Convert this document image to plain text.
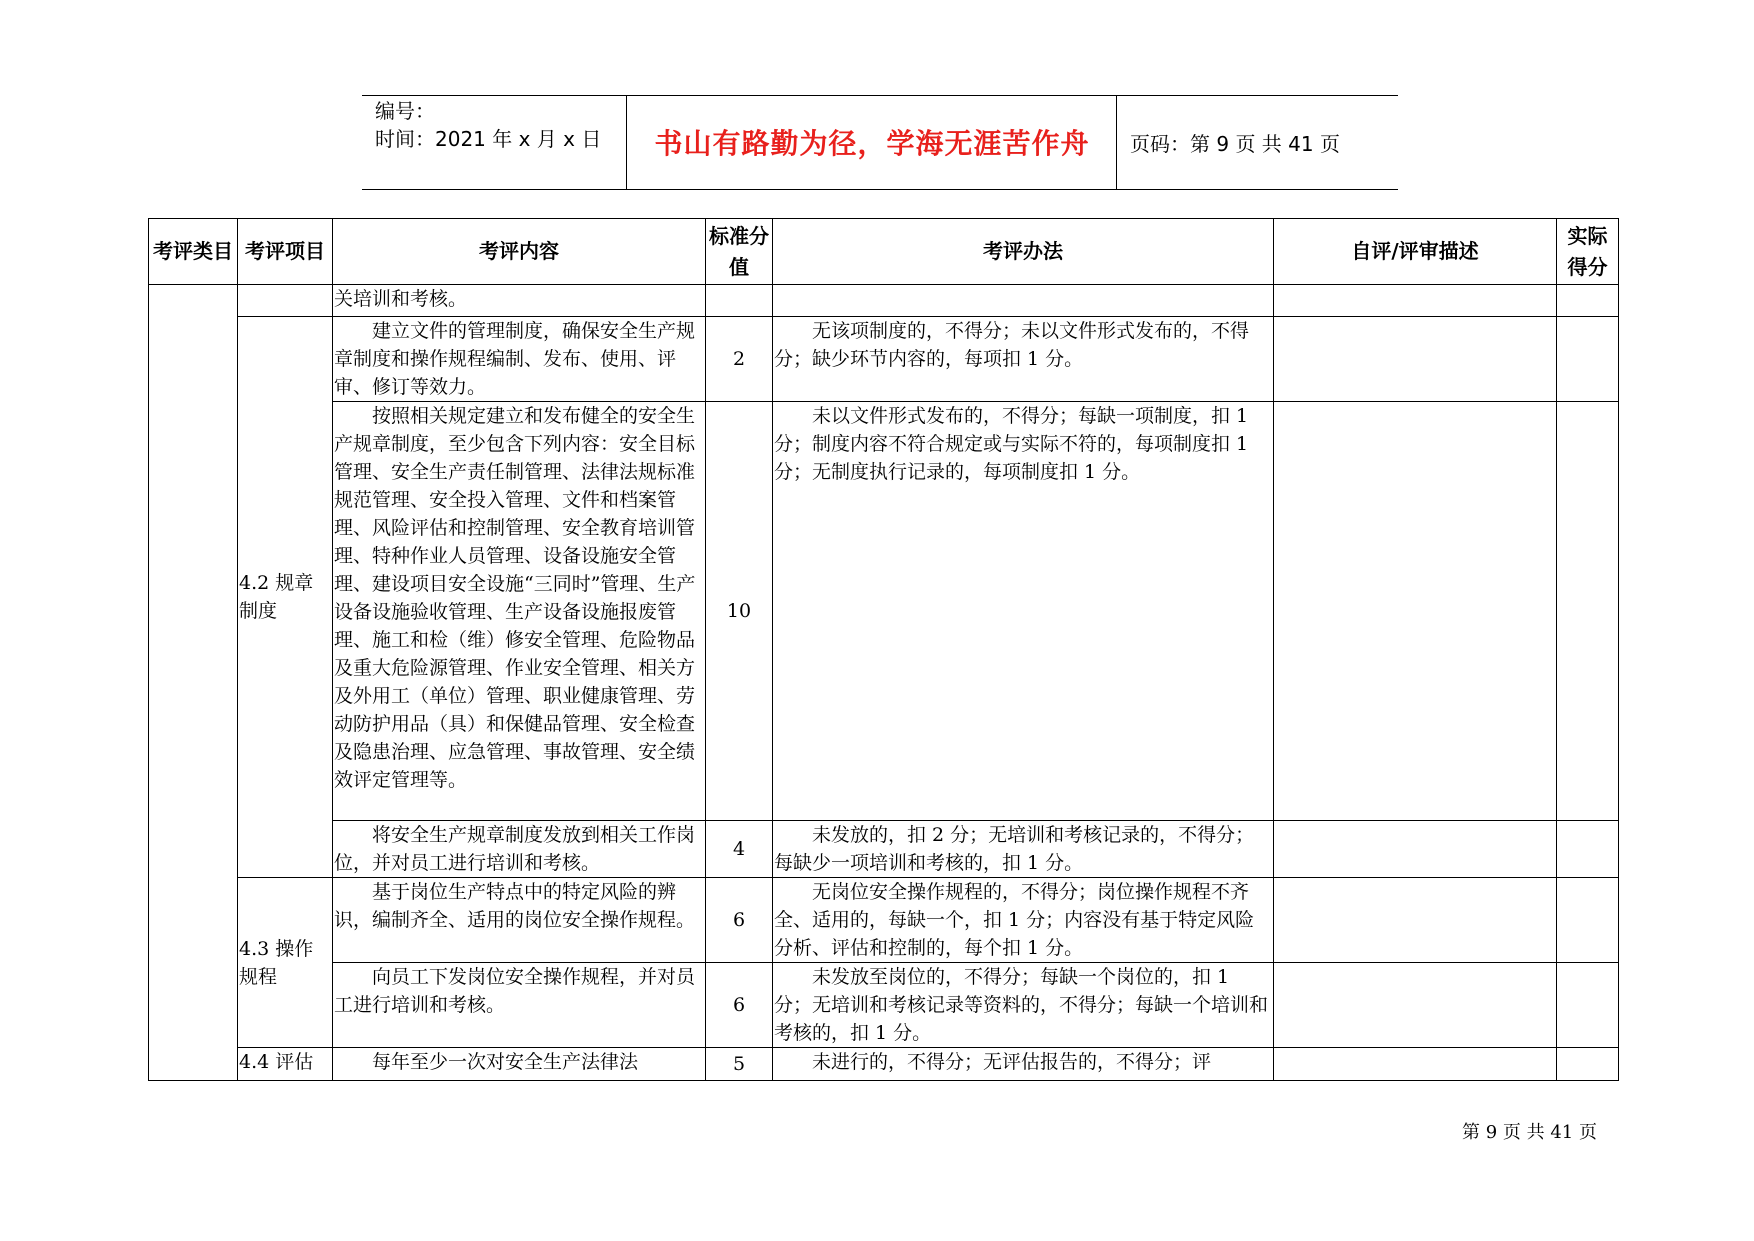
编号：
时间：2021 年 x 月 x 日	书山有路勤为径，学海无涯苦作舟	页码：第 9 页 共 41 页
考评类目	考评项目	考评内容	标准分值	考评办法	自评/评审描述	实际得分
		关培训和考核。				
	4.2 规章制度	建立文件的管理制度，确保安全生产规章制度和操作规程编制、发布、使用、评审、修订等效力。	2	无该项制度的，不得分；未以文件形式发布的，不得分；缺少环节内容的，每项扣 1 分。		
		按照相关规定建立和发布健全的安全生产规章制度，至少包含下列内容：安全目标管理、安全生产责任制管理、法律法规标准规范管理、安全投入管理、文件和档案管理、风险评估和控制管理、安全教育培训管理、特种作业人员管理、设备设施安全管理、建设项目安全设施“三同时”管理、生产设备设施验收管理、生产设备设施报废管理、施工和检（维）修安全管理、危险物品及重大危险源管理、作业安全管理、相关方及外用工（单位）管理、职业健康管理、劳动防护用品（具）和保健品管理、安全检查及隐患治理、应急管理、事故管理、安全绩效评定管理等。	10	未以文件形式发布的，不得分；每缺一项制度，扣 1 分；制度内容不符合规定或与实际不符的，每项制度扣 1 分；无制度执行记录的，每项制度扣 1 分。		
		将安全生产规章制度发放到相关工作岗位，并对员工进行培训和考核。	4	未发放的，扣 2 分；无培训和考核记录的，不得分；每缺少一项培训和考核的，扣 1 分。		
	4.3 操作规程	基于岗位生产特点中的特定风险的辨识，编制齐全、适用的岗位安全操作规程。	6	无岗位安全操作规程的，不得分；岗位操作规程不齐全、适用的，每缺一个，扣 1 分；内容没有基于特定风险分析、评估和控制的，每个扣 1 分。		
		向员工下发岗位安全操作规程，并对员工进行培训和考核。	6	未发放至岗位的，不得分；每缺一个岗位的，扣 1 分；无培训和考核记录等资料的，不得分；每缺一个培训和考核的，扣 1 分。		
	4.4 评估	每年至少一次对安全生产法律法	5	未进行的，不得分；无评估报告的，不得分；评		
第 9 页 共 41 页
